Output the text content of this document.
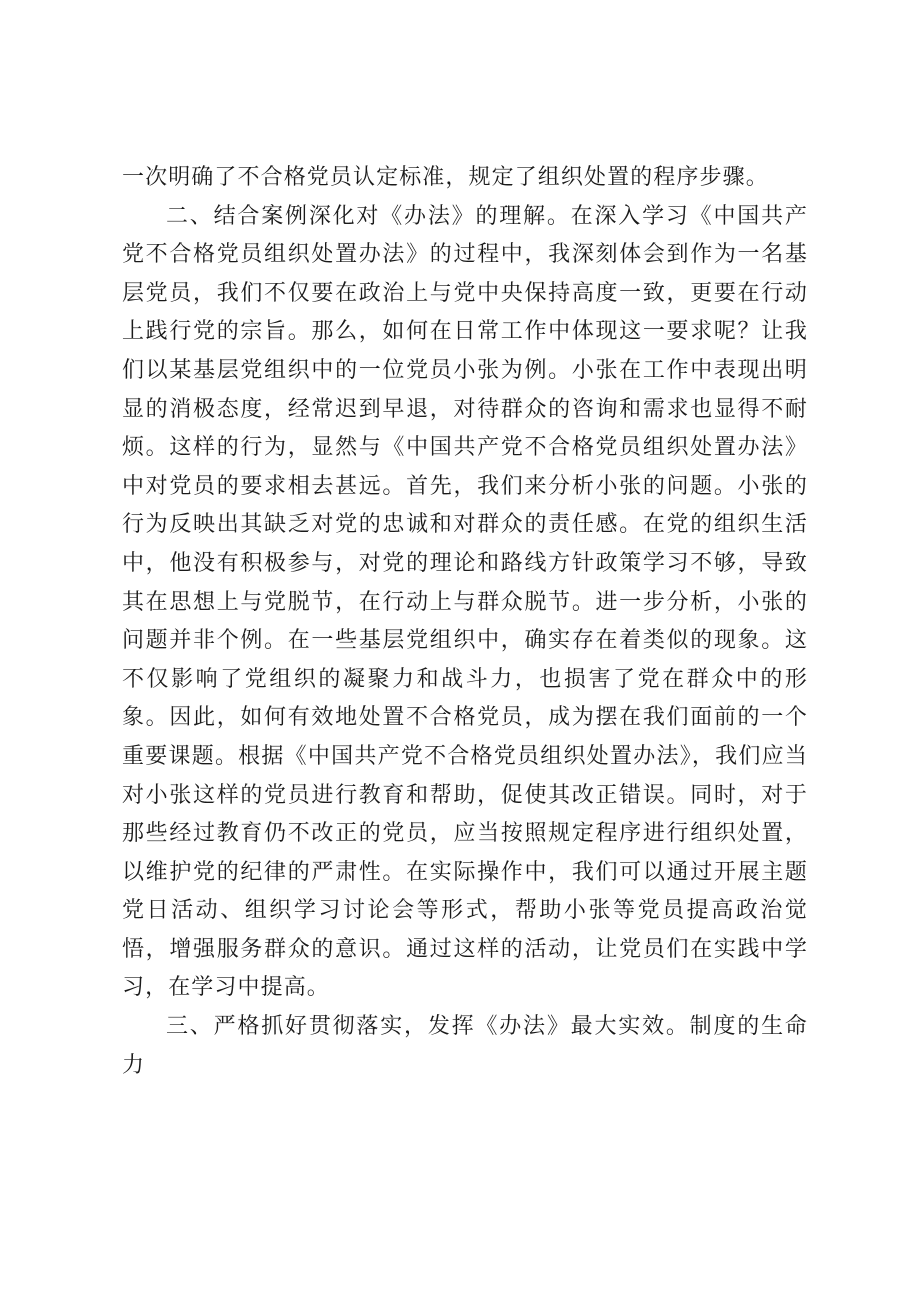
一次明确了不合格党员认定标准，规定了组织处置的程序步骤。

二、结合案例深化对《办法》的理解。在深入学习《中国共产党不合格党员组织处置办法》的过程中，我深刻体会到作为一名基层党员，我们不仅要在政治上与党中央保持高度一致，更要在行动上践行党的宗旨。那么，如何在日常工作中体现这一要求呢？让我们以某基层党组织中的一位党员小张为例。小张在工作中表现出明显的消极态度，经常迟到早退，对待群众的咨询和需求也显得不耐烦。这样的行为，显然与《中国共产党不合格党员组织处置办法》中对党员的要求相去甚远。首先，我们来分析小张的问题。小张的行为反映出其缺乏对党的忠诚和对群众的责任感。在党的组织生活中，他没有积极参与，对党的理论和路线方针政策学习不够，导致其在思想上与党脱节，在行动上与群众脱节。进一步分析，小张的问题并非个例。在一些基层党组织中，确实存在着类似的现象。这不仅影响了党组织的凝聚力和战斗力，也损害了党在群众中的形象。因此，如何有效地处置不合格党员，成为摆在我们面前的一个重要课题。根据《中国共产党不合格党员组织处置办法》，我们应当对小张这样的党员进行教育和帮助，促使其改正错误。同时，对于那些经过教育仍不改正的党员，应当按照规定程序进行组织处置，以维护党的纪律的严肃性。在实际操作中，我们可以通过开展主题党日活动、组织学习讨论会等形式，帮助小张等党员提高政治觉悟，增强服务群众的意识。通过这样的活动，让党员们在实践中学习，在学习中提高。

三、严格抓好贯彻落实，发挥《办法》最大实效。制度的生命力
